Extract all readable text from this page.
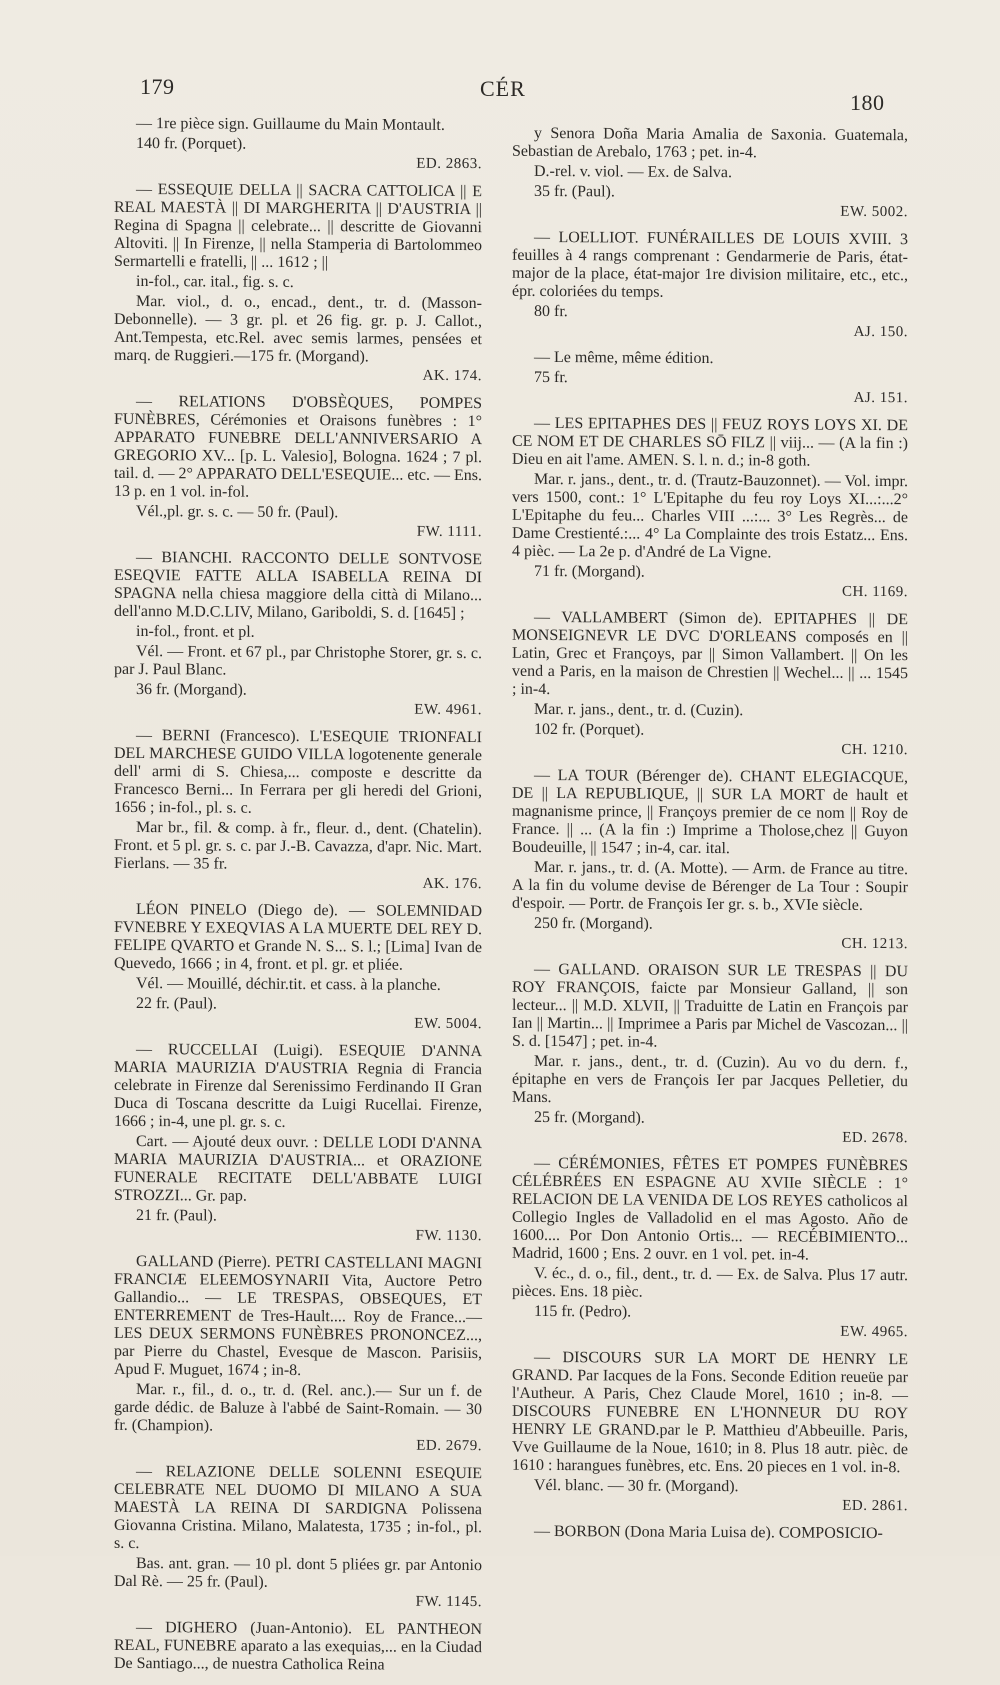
179	CÉR
180

— 1re pièce sign. Guillaume du Main Montault.

140 fr. (Porquet).

ED. 2863.

— ESSEQUIE DELLA || SACRA CATTOLICA || E REAL MAESTÀ || DI MARGHERITA || D'AUSTRIA || Regina di Spagna || celebrate... || descritte de Giovanni Altoviti. || In Firenze, || nella Stamperia di Bartolommeo Sermartelli e fratelli, || ... 1612 ; ||

in-fol., car. ital., fig. s. c.

Mar. viol., d. o., encad., dent., tr. d. (Masson-Debonnelle). — 3 gr. pl. et 26 fig. gr. p. J. Callot., Ant.Tempesta, etc.Rel. avec semis larmes, pensées et marq. de Ruggieri.—175 fr. (Morgand).

AK. 174.

— RELATIONS D'OBSÈQUES, POMPES FUNÈBRES, Cérémonies et Oraisons funèbres : 1° APPARATO FUNEBRE DELL'ANNIVERSARIO A GREGORIO XV... [p. L. Valesio], Bologna. 1624 ; 7 pl. tail. d. — 2° APPARATO DELL'ESEQUIE... etc. — Ens. 13 p. en 1 vol. in-fol.

Vél.,pl. gr. s. c. — 50 fr. (Paul).

FW. 1111.

— BIANCHI. RACCONTO DELLE SONTVOSE ESEQVIE FATTE ALLA ISABELLA REINA DI SPAGNA nella chiesa maggiore della città di Milano... dell'anno M.D.C.LIV, Milano, Gariboldi, S. d. [1645] ;

in-fol., front. et pl.

Vél. — Front. et 67 pl., par Christophe Storer, gr. s. c. par J. Paul Blanc.

36 fr. (Morgand).

EW. 4961.

— BERNI (Francesco). L'ESEQUIE TRIONFALI DEL MARCHESE GUIDO VILLA logotenente generale dell' armi di S. Chiesa,... composte e descritte da Francesco Berni... In Ferrara per gli heredi del Grioni, 1656 ; in-fol., pl. s. c.

Mar br., fil. & comp. à fr., fleur. d., dent. (Chatelin). Front. et 5 pl. gr. s. c. par J.-B. Cavazza, d'apr. Nic. Mart. Fierlans. — 35 fr.

AK. 176.

LÉON PINELO (Diego de). — SOLEMNIDAD FVNEBRE Y EXEQVIAS A LA MUERTE DEL REY D. FELIPE QVARTO et Grande N. S... S. l.; [Lima] Ivan de Quevedo, 1666 ; in 4, front. et pl. gr. et pliée.

Vél. — Mouillé, déchir.tit. et cass. à la planche.

22 fr. (Paul).

EW. 5004.

— RUCCELLAI (Luigi). ESEQUIE D'ANNA MARIA MAURIZIA D'AUSTRIA Regnia di Francia celebrate in Firenze dal Serenissimo Ferdinando II Gran Duca di Toscana descritte da Luigi Rucellai. Firenze, 1666 ; in-4, une pl. gr. s. c.

Cart. — Ajouté deux ouvr. : DELLE LODI D'ANNA MARIA MAURIZIA D'AUSTRIA... et ORAZIONE FUNERALE RECITATE DELL'ABBATE LUIGI STROZZI... Gr. pap.

21 fr. (Paul).

FW. 1130.

GALLAND (Pierre). PETRI CASTELLANI MAGNI FRANCIÆ ELEEMOSYNARII Vita, Auctore Petro Gallandio... — LE TRESPAS, OBSEQUES, ET ENTERREMENT de Tres-Hault.... Roy de France...— LES DEUX SERMONS FUNÈBRES PRONONCEZ..., par Pierre du Chastel, Evesque de Mascon. Parisiis, Apud F. Muguet, 1674 ; in-8.

Mar. r., fil., d. o., tr. d. (Rel. anc.).— Sur un f. de garde dédic. de Baluze à l'abbé de Saint-Romain. — 30 fr. (Champion).

ED. 2679.

— RELAZIONE DELLE SOLENNI ESEQUIE CELEBRATE NEL DUOMO DI MILANO A SUA MAESTÀ LA REINA DI SARDIGNA Polissena Giovanna Cristina. Milano, Malatesta, 1735 ; in-fol., pl. s. c.

Bas. ant. gran. — 10 pl. dont 5 pliées gr. par Antonio Dal Rè. — 25 fr. (Paul).

FW. 1145.

— DIGHERO (Juan-Antonio). EL PANTHEON REAL, FUNEBRE aparato a las exequias,... en la Ciudad De Santiago..., de nuestra Catholica Reina

y Senora Doña Maria Amalia de Saxonia. Guatemala, Sebastian de Arebalo, 1763 ; pet. in-4.

D.-rel. v. viol. — Ex. de Salva.

35 fr. (Paul).

EW. 5002.

— LOELLIOT. FUNÉRAILLES DE LOUIS XVIII. 3 feuilles à 4 rangs comprenant : Gendarmerie de Paris, état-major de la place, état-major 1re division militaire, etc., etc., épr. coloriées du temps.

80 fr.

AJ. 150.

— Le même, même édition.

75 fr.

AJ. 151.

— LES EPITAPHES DES || FEUZ ROYS LOYS XI. DE CE NOM ET DE CHARLES SŌ FILZ || viij... — (A la fin :) Dieu en ait l'ame. AMEN. S. l. n. d.; in-8 goth.

Mar. r. jans., dent., tr. d. (Trautz-Bauzonnet). — Vol. impr. vers 1500, cont.: 1° L'Epitaphe du feu roy Loys XI...:...2° L'Epitaphe du feu... Charles VIII ...:... 3° Les Regrès... de Dame Crestienté.:... 4° La Complainte des trois Estatz... Ens. 4 pièc. — La 2e p. d'André de La Vigne.

71 fr. (Morgand).

CH. 1169.

— VALLAMBERT (Simon de). EPITAPHES || DE MONSEIGNEVR LE DVC D'ORLEANS composés en || Latin, Grec et Françoys, par || Simon Vallambert. || On les vend a Paris, en la maison de Chrestien || Wechel... || ... 1545 ; in-4.

Mar. r. jans., dent., tr. d. (Cuzin).

102 fr. (Porquet).

CH. 1210.

— LA TOUR (Bérenger de). CHANT ELEGIACQUE, DE || LA REPUBLIQUE, || SUR LA MORT de hault et magnanisme prince, || Françoys premier de ce nom || Roy de France. || ... (A la fin :) Imprime a Tholose,chez || Guyon Boudeuille, || 1547 ; in-4, car. ital.

Mar. r. jans., tr. d. (A. Motte). — Arm. de France au titre. A la fin du volume devise de Bérenger de La Tour : Soupir d'espoir. — Portr. de François Ier gr. s. b., XVIe siècle.

250 fr. (Morgand).

CH. 1213.

— GALLAND. ORAISON SUR LE TRESPAS || DU ROY FRANÇOIS, faicte par Monsieur Galland, || son lecteur... || M.D. XLVII, || Traduitte de Latin en François par Ian || Martin... || Imprimee a Paris par Michel de Vascozan... || S. d. [1547] ; pet. in-4.

Mar. r. jans., dent., tr. d. (Cuzin). Au vo du dern. f., épitaphe en vers de François Ier par Jacques Pelletier, du Mans.

25 fr. (Morgand).

ED. 2678.

— CÉRÉMONIES, FÊTES ET POMPES FUNÈBRES CÉLÉBRÉES EN ESPAGNE AU XVIIe SIÈCLE : 1° RELACION DE LA VENIDA DE LOS REYES catholicos al Collegio Ingles de Valladolid en el mas Agosto. Año de 1600.... Por Don Antonio Ortis... — RECÉBIMIENTO... Madrid, 1600 ; Ens. 2 ouvr. en 1 vol. pet. in-4.

V. éc., d. o., fil., dent., tr. d. — Ex. de Salva. Plus 17 autr. pièces. Ens. 18 pièc.

115 fr. (Pedro).

EW. 4965.

— DISCOURS SUR LA MORT DE HENRY LE GRAND. Par Iacques de la Fons. Seconde Edition reueüe par l'Autheur. A Paris, Chez Claude Morel, 1610 ; in-8. — DISCOURS FUNEBRE EN L'HONNEUR DU ROY HENRY LE GRAND.par le P. Matthieu d'Abbeuille. Paris, Vve Guillaume de la Noue, 1610; in 8. Plus 18 autr. pièc. de 1610 : harangues funèbres, etc. Ens. 20 pieces en 1 vol. in-8.

Vél. blanc. — 30 fr. (Morgand).

ED. 2861.

— BORBON (Dona Maria Luisa de). COMPOSICIO-
